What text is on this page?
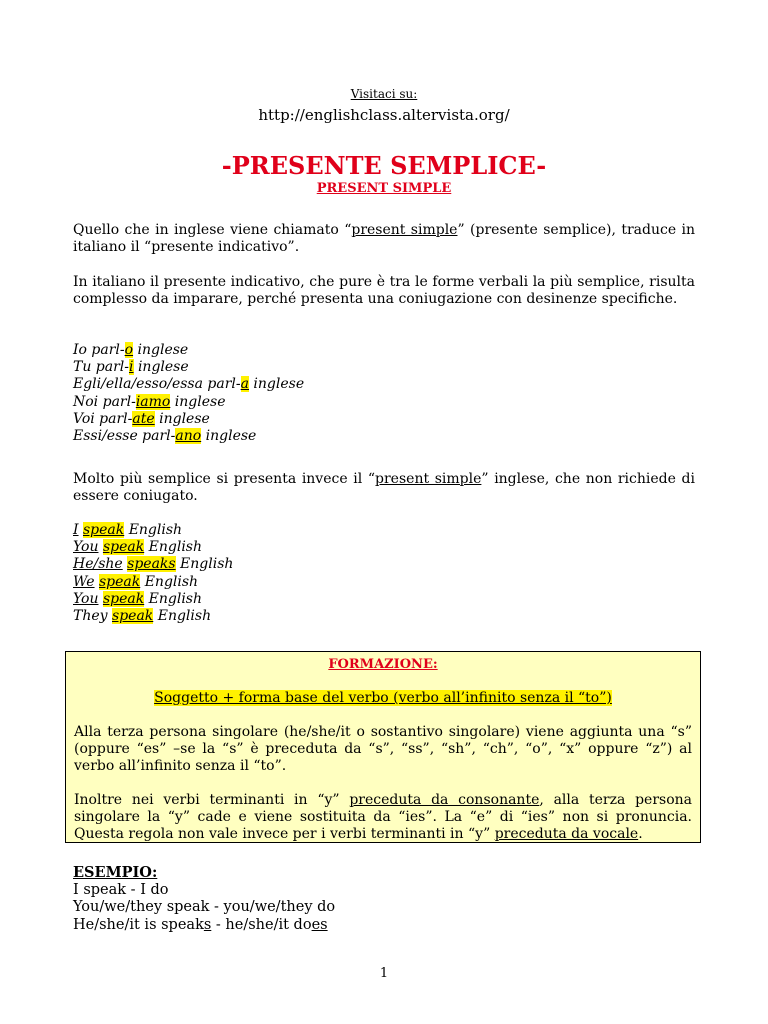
Visitaci su:
http://englishclass.altervista.org/
-PRESENTE SEMPLICE-
PRESENT SIMPLE
Quello che in inglese viene chiamato “present simple” (presente semplice), traduce in italiano il “presente indicativo”.
In italiano il presente indicativo, che pure è tra le forme verbali la più semplice, risulta complesso da imparare, perché presenta una coniugazione con desinenze specifiche.
Io parl-o inglese
Tu parl-i inglese
Egli/ella/esso/essa parl-a inglese
Noi parl-iamo inglese
Voi parl-ate inglese
Essi/esse parl-ano inglese
Molto più semplice si presenta invece il “present simple” inglese, che non richiede di essere coniugato.
I speak English
You speak English
He/she speaks English
We speak English
You speak English
They speak English
FORMAZIONE:
Soggetto + forma base del verbo (verbo all’infinito senza il “to”)
Alla terza persona singolare (he/she/it o sostantivo singolare) viene aggiunta una “s” (oppure “es” –se la “s” è preceduta da “s”, “ss”, “sh”, “ch”, “o”, “x” oppure “z”) al verbo all’infinito senza il “to”.
Inoltre nei verbi terminanti in “y” preceduta da consonante, alla terza persona singolare la “y” cade e viene sostituita da “ies”. La “e” di “ies” non si pronuncia. Questa regola non vale invece per i verbi terminanti in “y” preceduta da vocale.
ESEMPIO:
I speak - I do
You/we/they speak - you/we/they do
He/she/it is speaks - he/she/it does
1
